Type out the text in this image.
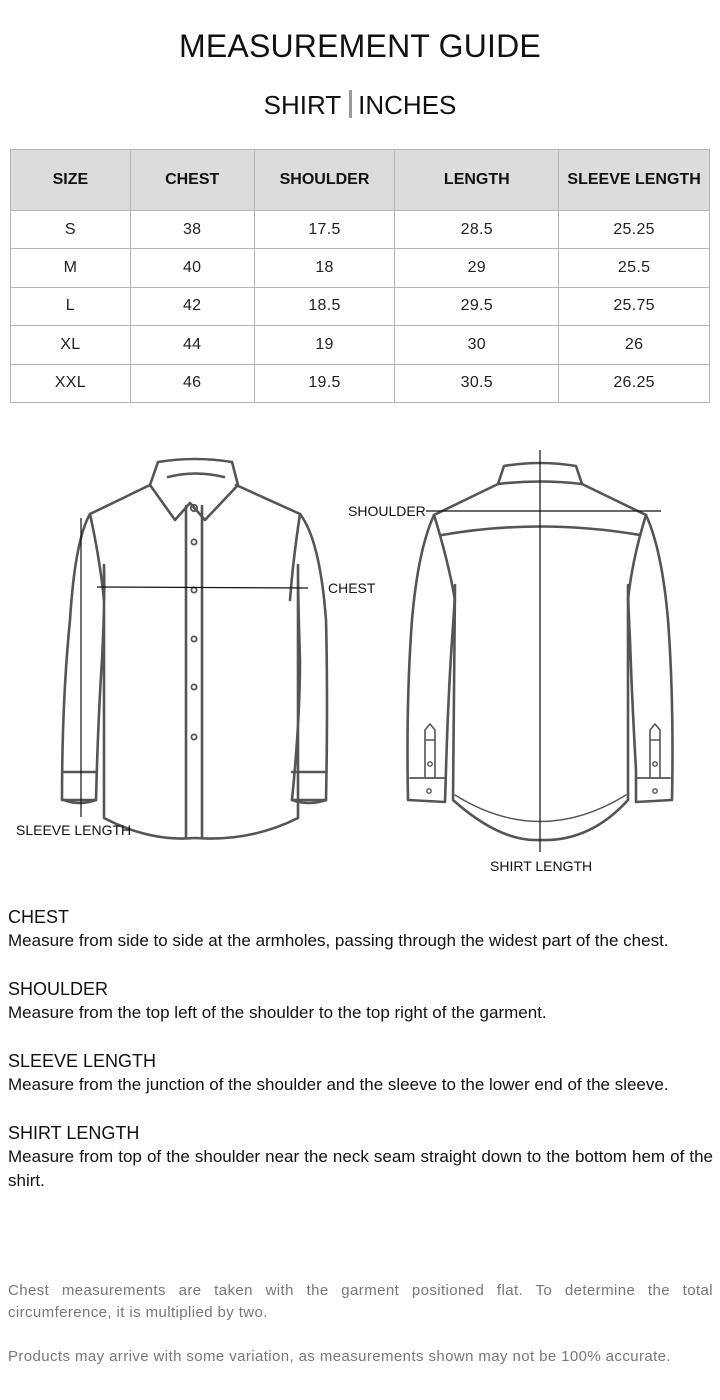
MEASUREMENT GUIDE
SHIRT INCHES
SIZE	CHEST	SHOULDER	LENGTH	SLEEVE LENGTH
S	38	17.5	28.5	25.25
M	40	18	29	25.5
L	42	18.5	29.5	25.75
XL	44	19	30	26
XXL	46	19.5	30.5	26.25
CHEST
SHOULDER
SLEEVE LENGTH
SHIRT LENGTH
CHEST

Measure from side to side at the armholes, passing through the widest part of the chest.

SHOULDER

Measure from the top left of the shoulder to the top right of the garment.

SLEEVE LENGTH

Measure from the junction of the shoulder and the sleeve to the lower end of the sleeve.

SHIRT LENGTH

Measure from top of the shoulder near the neck seam straight down to the bottom hem of the shirt.

Chest measurements are taken with the garment positioned flat. To determine the total circumference, it is multiplied by two.

Products may arrive with some variation, as measurements shown may not be 100% accurate.
